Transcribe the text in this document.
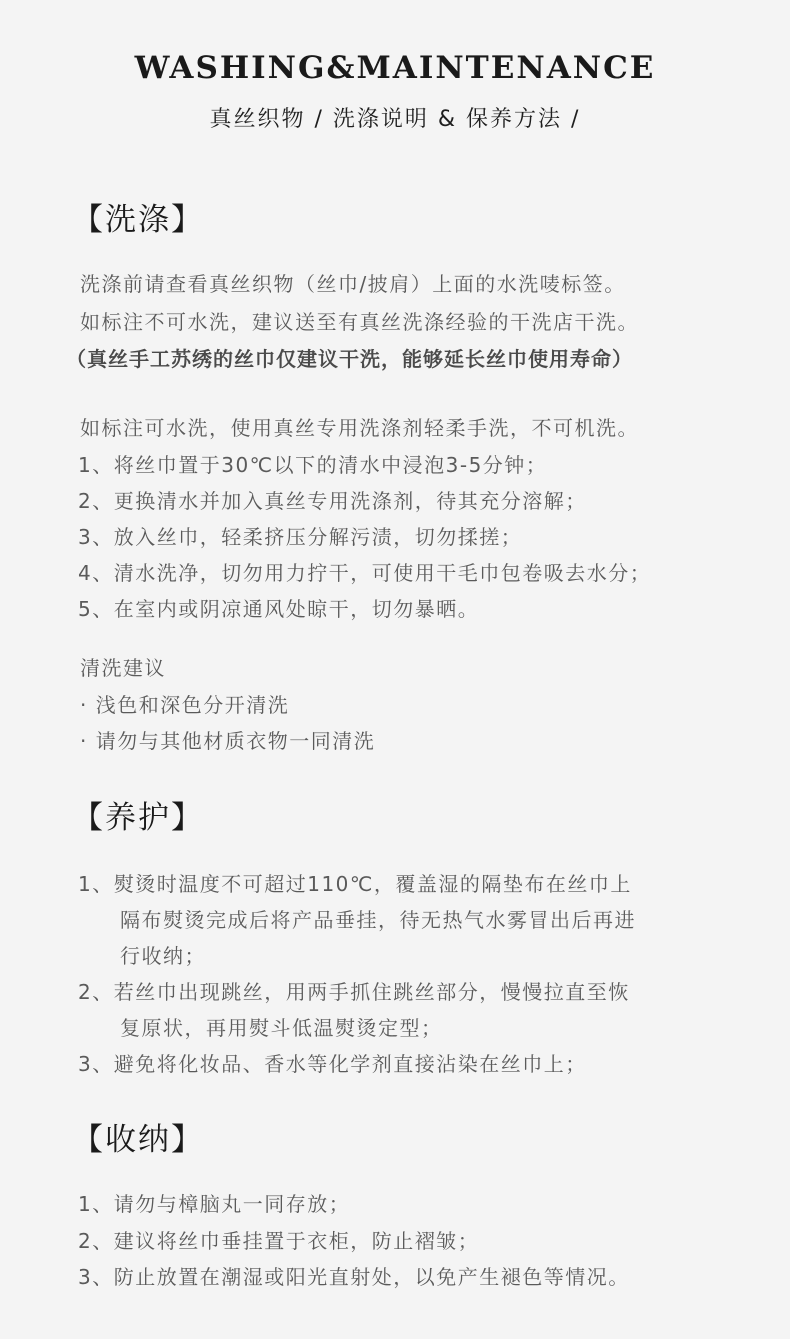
WASHING&MAINTENANCE
真丝织物 / 洗涤说明 & 保养方法 /
【洗涤】
洗涤前请查看真丝织物（丝巾/披肩）上面的水洗唛标签。
如标注不可水洗，建议送至有真丝洗涤经验的干洗店干洗。
（真丝手工苏绣的丝巾仅建议干洗，能够延长丝巾使用寿命）
如标注可水洗，使用真丝专用洗涤剂轻柔手洗，不可机洗。
1、将丝巾置于30℃以下的清水中浸泡3-5分钟；
2、更换清水并加入真丝专用洗涤剂，待其充分溶解；
3、放入丝巾，轻柔挤压分解污渍，切勿揉搓；
4、清水洗净，切勿用力拧干，可使用干毛巾包卷吸去水分；
5、在室内或阴凉通风处晾干，切勿暴晒。
清洗建议
· 浅色和深色分开清洗
· 请勿与其他材质衣物一同清洗
【养护】
1、熨烫时温度不可超过110℃，覆盖湿的隔垫布在丝巾上
隔布熨烫完成后将产品垂挂，待无热气水雾冒出后再进
行收纳；
2、若丝巾出现跳丝，用两手抓住跳丝部分，慢慢拉直至恢
复原状，再用熨斗低温熨烫定型；
3、避免将化妆品、香水等化学剂直接沾染在丝巾上；
【收纳】
1、请勿与樟脑丸一同存放；
2、建议将丝巾垂挂置于衣柜，防止褶皱；
3、防止放置在潮湿或阳光直射处，以免产生褪色等情况。
